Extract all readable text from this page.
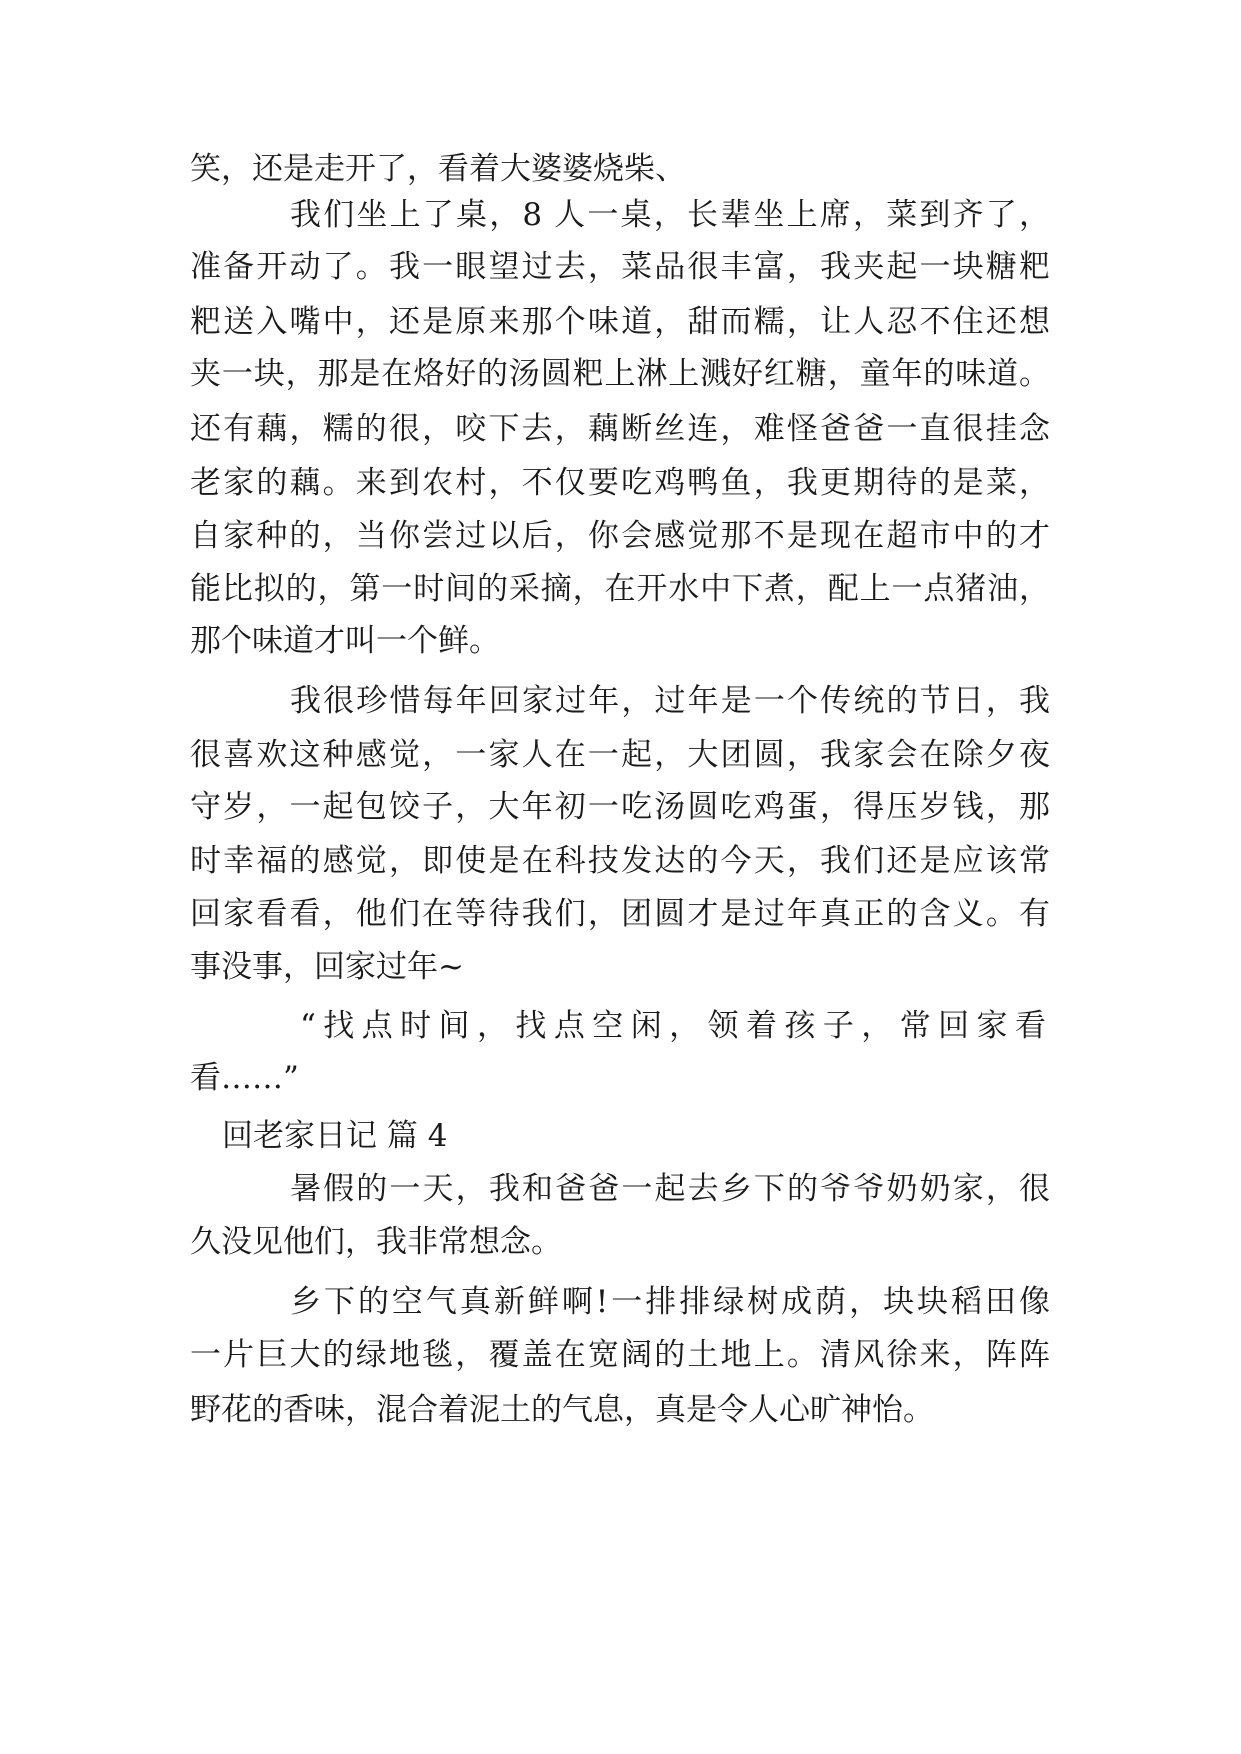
笑，还是走开了，看着大婆婆烧柴、
我们坐上了桌，8 人一桌，长辈坐上席，菜到齐了，
准备开动了。我一眼望过去，菜品很丰富，我夹起一块糖粑
粑送入嘴中，还是原来那个味道，甜而糯，让人忍不住还想
夹一块，那是在烙好的汤圆粑上淋上溅好红糖，童年的味道。
还有藕，糯的很，咬下去，藕断丝连，难怪爸爸一直很挂念
老家的藕。来到农村，不仅要吃鸡鸭鱼，我更期待的是菜，
自家种的，当你尝过以后，你会感觉那不是现在超市中的才
能比拟的，第一时间的采摘，在开水中下煮，配上一点猪油，
那个味道才叫一个鲜。
我很珍惜每年回家过年，过年是一个传统的节日，我
很喜欢这种感觉，一家人在一起，大团圆，我家会在除夕夜
守岁，一起包饺子，大年初一吃汤圆吃鸡蛋，得压岁钱，那
时幸福的感觉，即使是在科技发达的今天，我们还是应该常
回家看看，他们在等待我们，团圆才是过年真正的含义。有
事没事，回家过年~
“找点时间，找点空闲，领着孩子，常回家看
看……”
回老家日记 篇 4
暑假的一天，我和爸爸一起去乡下的爷爷奶奶家，很
久没见他们，我非常想念。
乡下的空气真新鲜啊!一排排绿树成荫，块块稻田像
一片巨大的绿地毯，覆盖在宽阔的土地上。清风徐来，阵阵
野花的香味，混合着泥土的气息，真是令人心旷神怡。
